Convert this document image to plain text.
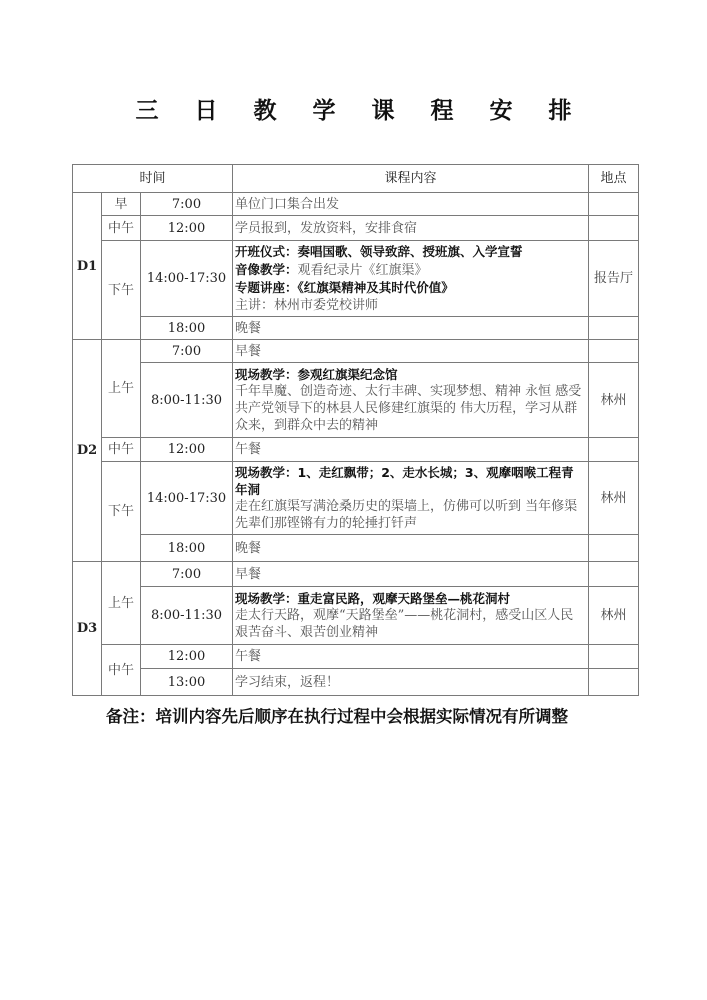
三 日 教 学 课 程 安 排
时间			课程内容	地点
D1	早	7:00	单位门口集合出发	
	中午	12:00	学员报到，发放资料，安排食宿	
	下午	14:00-17:30	开班仪式：奏唱国歌、领导致辞、授班旗、入学宣誓
音像教学：观看纪录片《红旗渠》
专题讲座：《红旗渠精神及其时代价值》
主讲：林州市委党校讲师	报告厅
		18:00	晚餐	
D2	上午	7:00	早餐	
		8:00-11:30	现场教学：参观红旗渠纪念馆
千年旱魔、创造奇迹、太行丰碑、实现梦想、精神 永恒 感受共产党领导下的林县人民修建红旗渠的 伟大历程，学习从群众来，到群众中去的精神	林州
	中午	12:00	午餐	
	下午	14:00-17:30	现场教学：1、走红飘带；2、走水长城；3、观摩咽喉工程青年洞
走在红旗渠写满沧桑历史的渠墙上，仿佛可以听到 当年修渠先辈们那铿锵有力的轮捶打钎声	林州
		18:00	晚餐	
D3	上午	7:00	早餐	
		8:00-11:30	现场教学：重走富民路，观摩天路堡垒—桃花洞村
走太行天路，观摩“天路堡垒”——桃花洞村，感受山区人民艰苦奋斗、艰苦创业精神	林州
	中午	12:00	午餐	
		13:00	学习结束，返程！	
备注：培训内容先后顺序在执行过程中会根据实际情况有所调整
